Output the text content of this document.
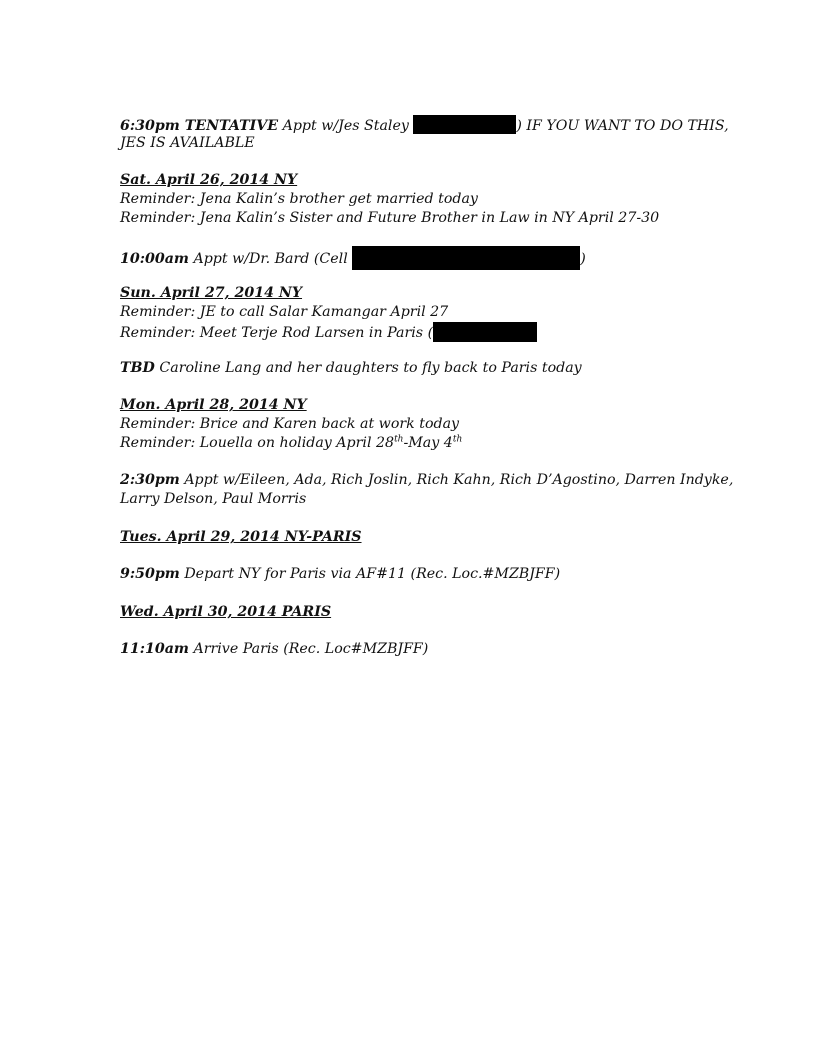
6:30pm TENTATIVE Appt w/Jes Staley	) IF YOU WANT TO DO THIS,
JES IS AVAILABLE
Sat. April 26, 2014 NY
Reminder: Jena Kalin’s brother get married today
Reminder: Jena Kalin’s Sister and Future Brother in Law in NY April 27-30
10:00am Appt w/Dr. Bard (Cell	)
Sun. April 27, 2014 NY
Reminder: JE to call Salar Kamangar April 27
Reminder: Meet Terje Rod Larsen in Paris (
TBD Caroline Lang and her daughters to fly back to Paris today
Mon. April 28, 2014 NY
Reminder: Brice and Karen back at work today
Reminder: Louella on holiday April 28th-May 4th
2:30pm Appt w/Eileen, Ada, Rich Joslin, Rich Kahn, Rich D’Agostino, Darren Indyke,
Larry Delson, Paul Morris
Tues. April 29, 2014 NY-PARIS
9:50pm Depart NY for Paris via AF#11 (Rec. Loc.#MZBJFF)
Wed. April 30, 2014 PARIS
11:10am Arrive Paris (Rec. Loc#MZBJFF)
